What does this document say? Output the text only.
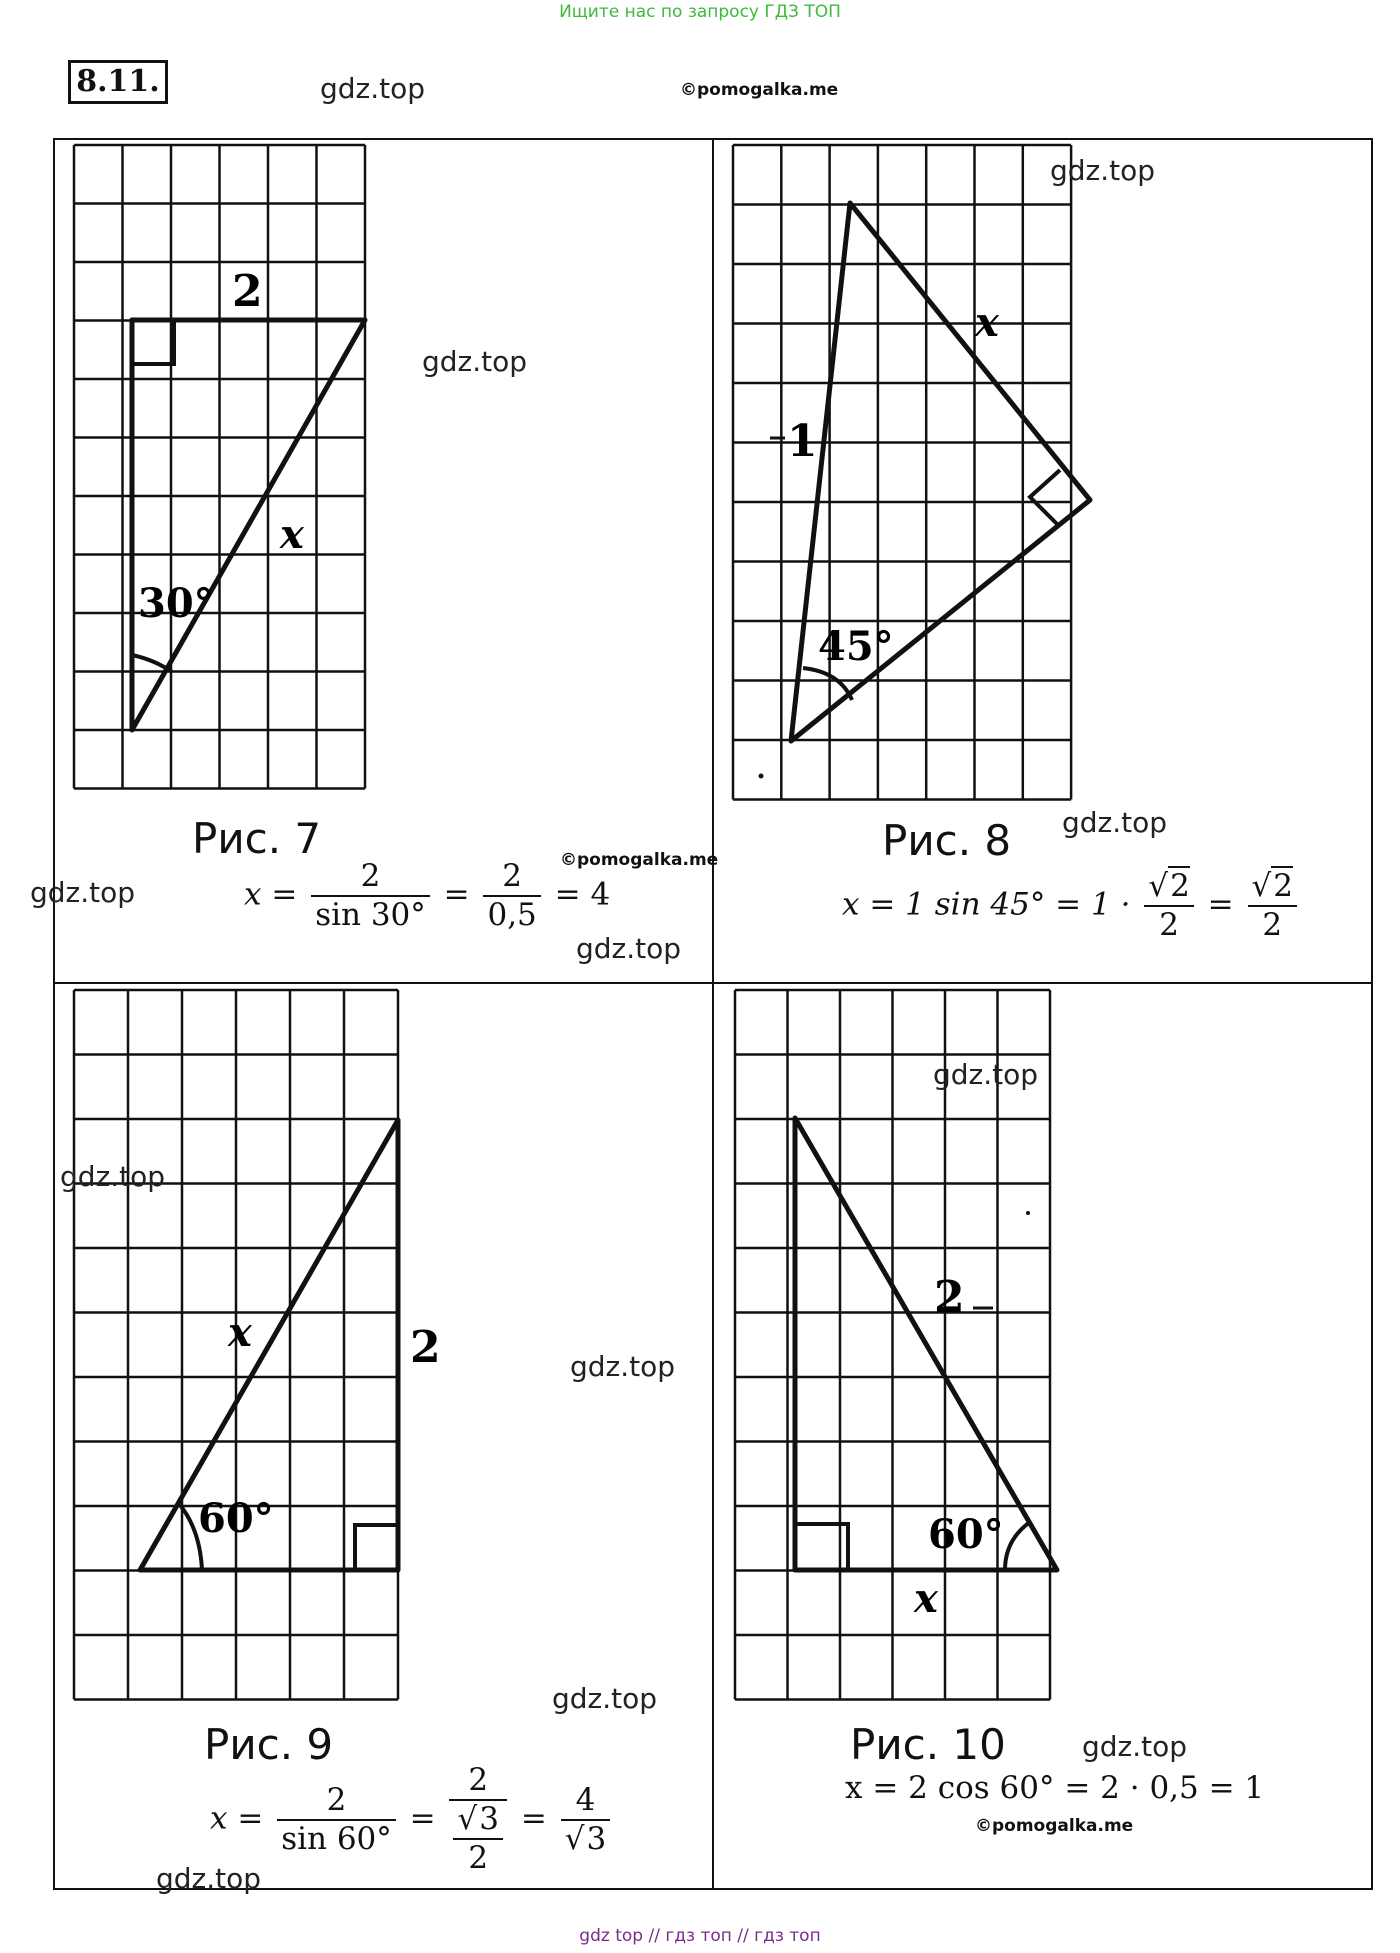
Ищите нас по запросу ГДЗ ТОП
8.11.	gdz.top	©pomogalka.me
2
x
30°
gdz.top
Рис. 7	©pomogalka.me
gdz.top	$x = \frac{2}{\sin 30^\circ} = \frac{2}{0,5} = 4$
gdz.top
1
x
45°
gdz.top
Рис. 8 gdz.top
x = 1 $\sin 45^\circ = 1 \cdot \frac{√2}{2} = \frac{√2}{2}$
2
x
60°
gdz.top
gdz.top
gdz.top
Рис. 9
$x = \frac{2}{\sin 60^\circ} = \frac{2}{\frac{√3}{2}} = \frac{4}{√3}$
gdz.top
2
x
60°
gdz.top
Рис. 10	gdz.top
x = 2 cos 60° = 2 · 0,5 = 1
©pomogalka.me
gdz top // гдз топ // гдз топ
